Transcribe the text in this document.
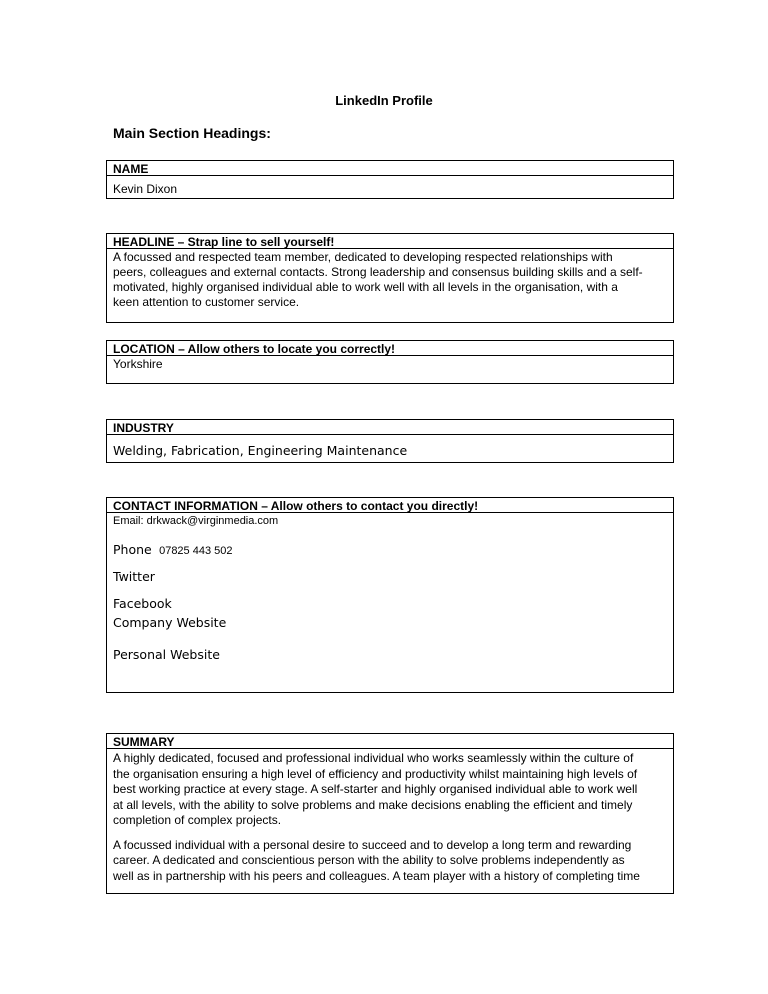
LinkedIn Profile
Main Section Headings:
NAME
Kevin Dixon
HEADLINE – Strap line to sell yourself!
A focussed and respected team member, dedicated to developing respected relationships with
peers, colleagues and external contacts. Strong leadership and consensus building skills and a self-
motivated, highly organised individual able to work well with all levels in the organisation, with a
keen attention to customer service.
LOCATION – Allow others to locate you correctly!
Yorkshire
INDUSTRY
Welding, Fabrication, Engineering Maintenance
CONTACT INFORMATION – Allow others to contact you directly!
Email: drkwack@virginmedia.com
Phone 07825 443 502
Twitter
Facebook
Company Website
Personal Website
SUMMARY
A highly dedicated, focused and professional individual who works seamlessly within the culture of
the organisation ensuring a high level of efficiency and productivity whilst maintaining high levels of
best working practice at every stage. A self-starter and highly organised individual able to work well
at all levels, with the ability to solve problems and make decisions enabling the efficient and timely
completion of complex projects.
A focussed individual with a personal desire to succeed and to develop a long term and rewarding
career. A dedicated and conscientious person with the ability to solve problems independently as
well as in partnership with his peers and colleagues. A team player with a history of completing time
